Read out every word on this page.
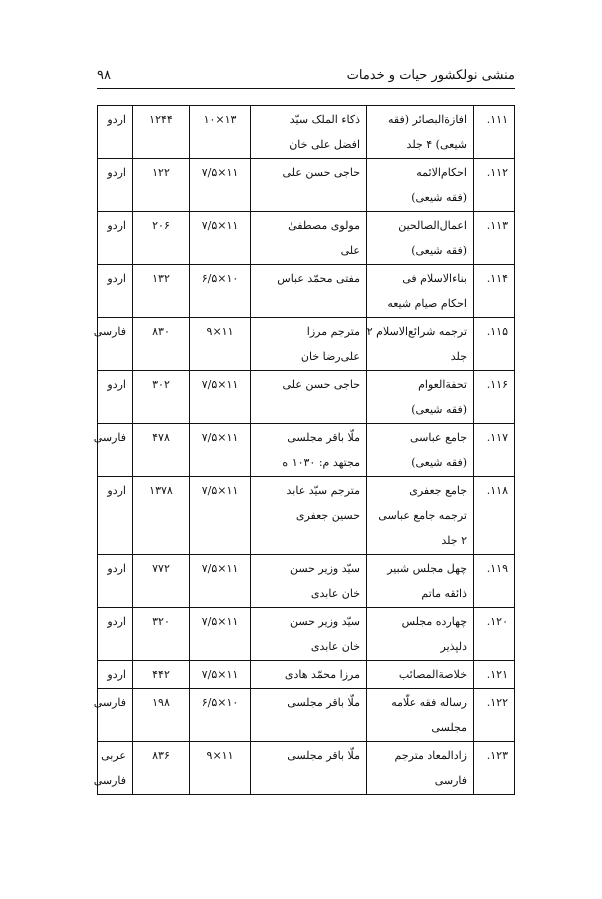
منشی نولکشور حیات و خدمات
۹۸
۱۱۱.	افازةالبصائر (فقه
شیعی) ۴ جلد	ذکاء الملک سیّد
افضل علی خان	۱۳×۱۰	۱۲۴۴	اردو

۱۱۲.	احکام‌الائمه
(فقه شیعی)	حاجی حسن علی	۱۱×۷/۵	۱۲۲	اردو

۱۱۳.	اعمال‌الصالحین
(فقه شیعی)	مولوی مصطفیٰ
علی	۱۱×۷/۵	۲۰۶	اردو

۱۱۴.	بناءالاسلام فی
احکام صیام شیعه	مفتی محمّد عباس	۱۰×۶/۵	۱۳۲	اردو

۱۱۵.	ترجمه شرائع‌الاسلام ۲
جلد	مترجم مرزا
علی‌رضا خان	۱۱×۹	۸۳۰	فارسی

۱۱۶.	تحفةالعوام
(فقه شیعی)	حاجی حسن علی	۱۱×۷/۵	۳۰۲	اردو

۱۱۷.	جامع عباسی
(فقه شیعی)	ملّا باقر مجلسی
مجتهد م: ۱۰۳۰ ه	۱۱×۷/۵	۴۷۸	فارسی

۱۱۸.	جامع جعفری
ترجمه جامع عباسی
۲ جلد	مترجم سیّد عابد
حسین جعفری	۱۱×۷/۵	۱۳۷۸	اردو

۱۱۹.	چهل مجلس شبیر
ذائقه ماتم	سیّد وزیر حسن
خان عابدی	۱۱×۷/۵	۷۷۲	اردو

۱۲۰.	چهارده مجلس
دلپذیر	سیّد وزیر حسن
خان عابدی	۱۱×۷/۵	۳۲۰	اردو

۱۲۱.	خلاصةالمصائب	مرزا محمّد هادی	۱۱×۷/۵	۴۴۲	اردو

۱۲۲.	رساله فقه علّامه
مجلسی	ملّا باقر مجلسی	۱۰×۶/۵	۱۹۸	فارسی

۱۲۳.	زادالمعاد مترجم
فارسی	ملّا باقر مجلسی	۱۱×۹	۸۳۶	عربی
فارسی
